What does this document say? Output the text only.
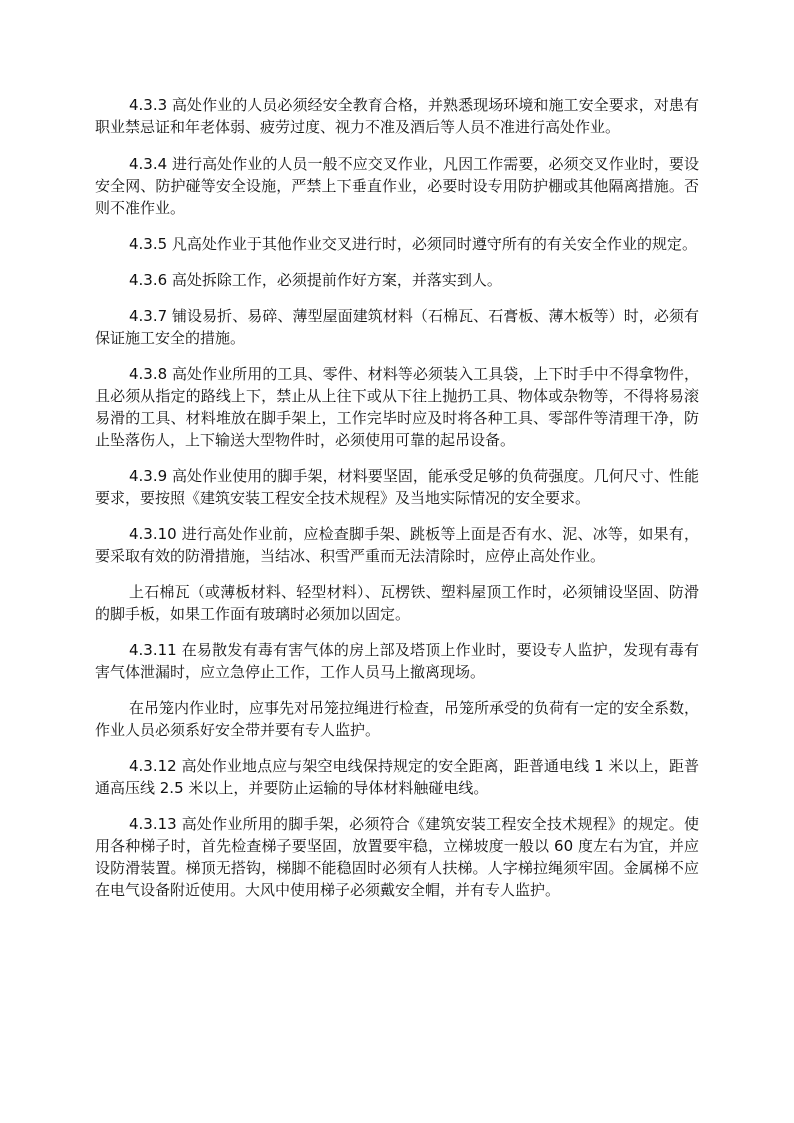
4.3.3 高处作业的人员必须经安全教育合格，并熟悉现场环境和施工安全要求，对患有职业禁忌证和年老体弱、疲劳过度、视力不准及酒后等人员不准进行高处作业。

4.3.4 进行高处作业的人员一般不应交叉作业，凡因工作需要，必须交叉作业时，要设安全网、防护碰等安全设施，严禁上下垂直作业，必要时设专用防护棚或其他隔离措施。否则不准作业。

4.3.5 凡高处作业于其他作业交叉进行时，必须同时遵守所有的有关安全作业的规定。

4.3.6 高处拆除工作，必须提前作好方案，并落实到人。

4.3.7 铺设易折、易碎、薄型屋面建筑材料（石棉瓦、石膏板、薄木板等）时，必须有保证施工安全的措施。

4.3.8 高处作业所用的工具、零件、材料等必须装入工具袋，上下时手中不得拿物件，且必须从指定的路线上下，禁止从上往下或从下往上抛扔工具、物体或杂物等，不得将易滚易滑的工具、材料堆放在脚手架上，工作完毕时应及时将各种工具、零部件等清理干净，防止坠落伤人，上下输送大型物件时，必须使用可靠的起吊设备。

4.3.9 高处作业使用的脚手架，材料要坚固，能承受足够的负荷强度。几何尺寸、性能要求，要按照《建筑安装工程安全技术规程》及当地实际情况的安全要求。

4.3.10 进行高处作业前，应检查脚手架、跳板等上面是否有水、泥、冰等，如果有，要采取有效的防滑措施，当结冰、积雪严重而无法清除时，应停止高处作业。

上石棉瓦（或薄板材料、轻型材料）、瓦楞铁、塑料屋顶工作时，必须铺设坚固、防滑的脚手板，如果工作面有玻璃时必须加以固定。

4.3.11 在易散发有毒有害气体的房上部及塔顶上作业时，要设专人监护，发现有毒有害气体泄漏时，应立急停止工作，工作人员马上撤离现场。

在吊笼内作业时，应事先对吊笼拉绳进行检查，吊笼所承受的负荷有一定的安全系数，作业人员必须系好安全带并要有专人监护。

4.3.12 高处作业地点应与架空电线保持规定的安全距离，距普通电线 1 米以上，距普通高压线 2.5 米以上，并要防止运输的导体材料触碰电线。

4.3.13 高处作业所用的脚手架，必须符合《建筑安装工程安全技术规程》的规定。使用各种梯子时，首先检查梯子要坚固，放置要牢稳，立梯坡度一般以 60 度左右为宜，并应设防滑装置。梯顶无搭钩，梯脚不能稳固时必须有人扶梯。人字梯拉绳须牢固。金属梯不应在电气设备附近使用。大风中使用梯子必须戴安全帽，并有专人监护。
